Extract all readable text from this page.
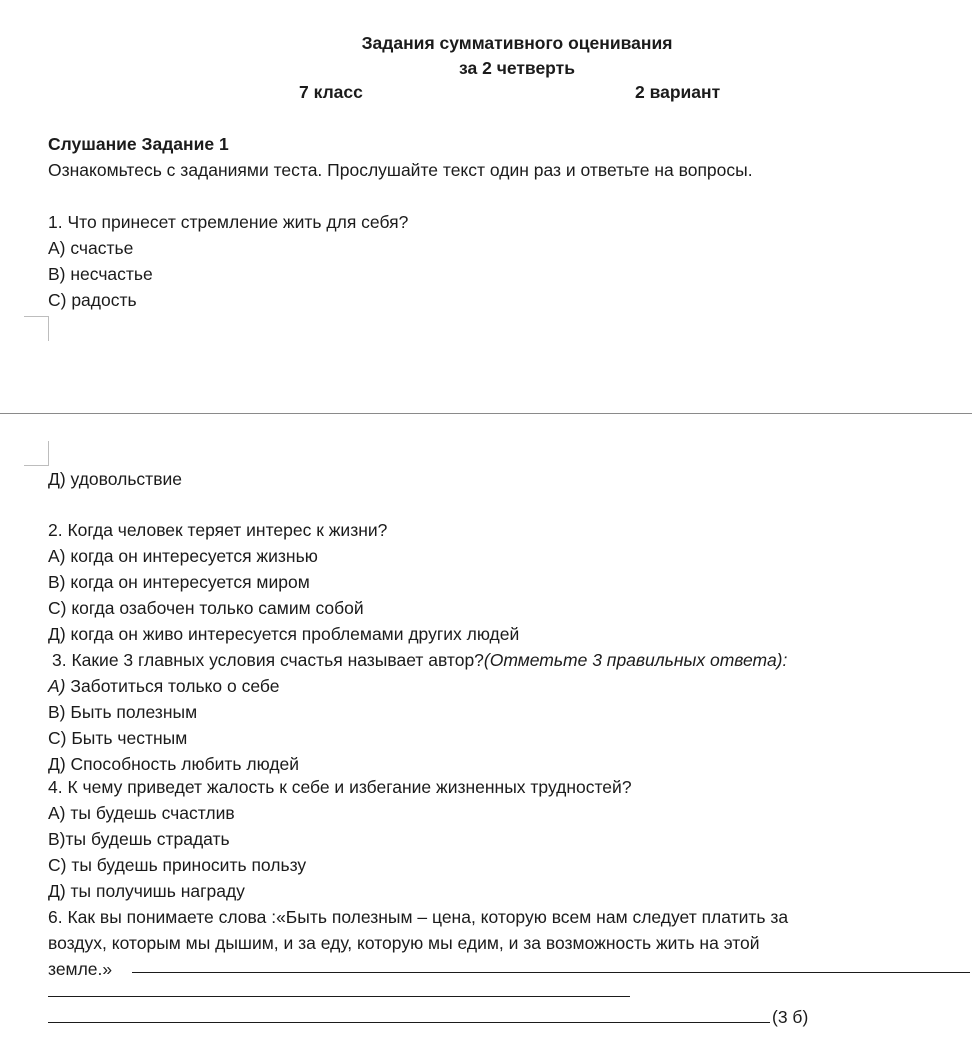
Задания суммативного оценивания
за 2 четверть
7 класс	2 вариант
Слушание Задание 1
Ознакомьтесь с заданиями теста. Прослушайте текст один раз и ответьте на вопросы.
1. Что принесет стремление жить для себя?
А) счастье
В) несчастье
С) радость
Д) удовольствие
2. Когда человек теряет интерес к жизни?
А) когда он интересуется жизнью
В) когда он интересуется миром
С) когда озабочен только самим собой
Д) когда он живо интересуется проблемами других людей
3. Какие 3 главных условия счастья называет автор?(Отметьте 3 правильных ответа):
А) Заботиться только о себе
В) Быть полезным
С) Быть честным
Д) Способность любить людей
4. К чему приведет жалость к себе и избегание жизненных трудностей?
А) ты будешь счастлив
В)ты будешь страдать
С) ты будешь приносить пользу
Д) ты получишь награду
6. Как вы понимаете слова :«Быть полезным – цена, которую всем нам следует платить за
воздух, которым мы дышим, и за еду, которую мы едим, и за возможность жить на этой
земле.»
(3 б)
